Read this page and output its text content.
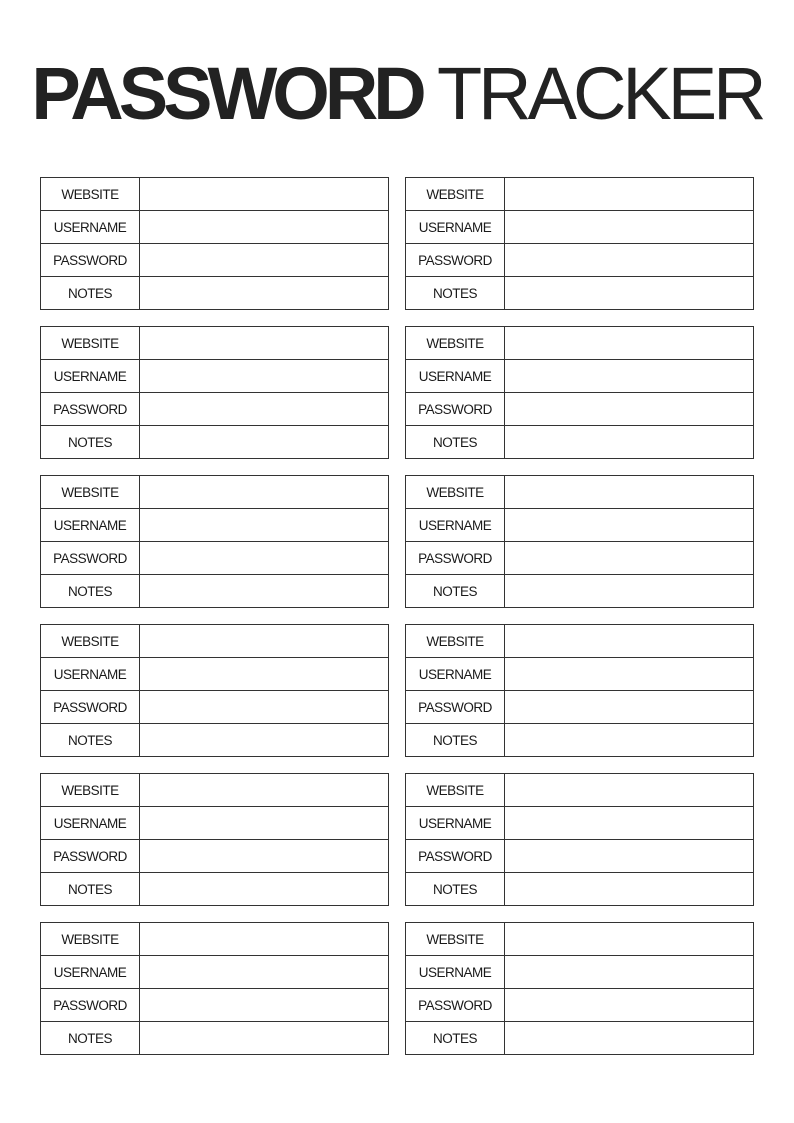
PASSWORD TRACKER
WEBSITE
USERNAME
PASSWORD
NOTES
WEBSITE
USERNAME
PASSWORD
NOTES
WEBSITE
USERNAME
PASSWORD
NOTES
WEBSITE
USERNAME
PASSWORD
NOTES
WEBSITE
USERNAME
PASSWORD
NOTES
WEBSITE
USERNAME
PASSWORD
NOTES
WEBSITE
USERNAME
PASSWORD
NOTES
WEBSITE
USERNAME
PASSWORD
NOTES
WEBSITE
USERNAME
PASSWORD
NOTES
WEBSITE
USERNAME
PASSWORD
NOTES
WEBSITE
USERNAME
PASSWORD
NOTES
WEBSITE
USERNAME
PASSWORD
NOTES
